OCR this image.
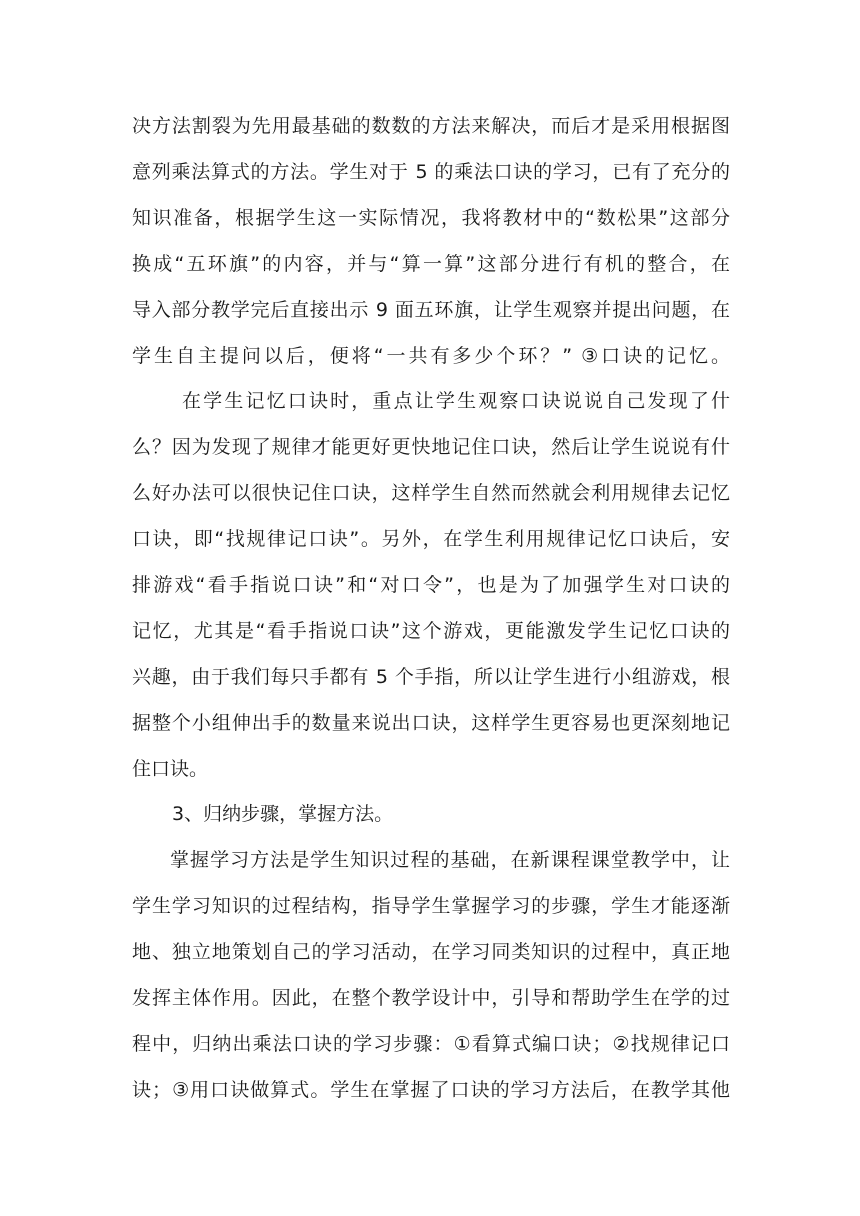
决方法割裂为先用最基础的数数的方法来解决，而后才是采用根据图
意列乘法算式的方法。学生对于 5 的乘法口诀的学习，已有了充分的
知识准备，根据学生这一实际情况，我将教材中的“数松果”这部分
换成“五环旗”的内容，并与“算一算”这部分进行有机的整合，在
导入部分教学完后直接出示 9 面五环旗，让学生观察并提出问题，在
学生自主提问以后，便将“一共有多少个环？” ③口诀的记忆。
在学生记忆口诀时，重点让学生观察口诀说说自己发现了什
么？因为发现了规律才能更好更快地记住口诀，然后让学生说说有什
么好办法可以很快记住口诀，这样学生自然而然就会利用规律去记忆
口诀，即“找规律记口诀”。另外，在学生利用规律记忆口诀后，安
排游戏“看手指说口诀”和“对口令”，也是为了加强学生对口诀的
记忆，尤其是“看手指说口诀”这个游戏，更能激发学生记忆口诀的
兴趣，由于我们每只手都有 5 个手指，所以让学生进行小组游戏，根
据整个小组伸出手的数量来说出口诀，这样学生更容易也更深刻地记
住口诀。
3、归纳步骤，掌握方法。
掌握学习方法是学生知识过程的基础，在新课程课堂教学中，让
学生学习知识的过程结构，指导学生掌握学习的步骤，学生才能逐渐
地、独立地策划自己的学习活动，在学习同类知识的过程中，真正地
发挥主体作用。因此，在整个教学设计中，引导和帮助学生在学的过
程中，归纳出乘法口诀的学习步骤：①看算式编口诀；②找规律记口
诀；③用口诀做算式。学生在掌握了口诀的学习方法后，在教学其他
